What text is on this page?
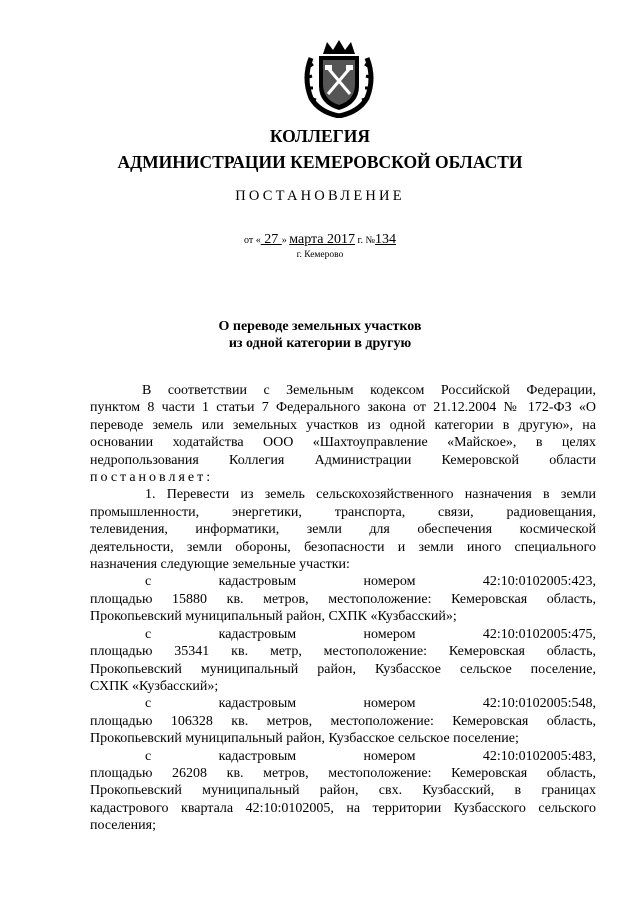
КОЛЛЕГИЯ
АДМИНИСТРАЦИИ КЕМЕРОВСКОЙ ОБЛАСТИ
ПОСТАНОВЛЕНИЕ
от « 27 » марта 2017 г. №134
г. Кемерово
О переводе земельных участков
из одной категории в другую
В соответствии с Земельным кодексом Российской Федерации,
пунктом 8 части 1 статьи 7 Федерального закона от 21.12.2004 № 172-ФЗ «О
переводе земель или земельных участков из одной категории в другую», на
основании ходатайства ООО «Шахтоуправление «Майское», в целях
недропользования Коллегия Администрации Кемеровской области
постановляет:
1. Перевести из земель сельскохозяйственного назначения в земли
промышленности, энергетики, транспорта, связи, радиовещания,
телевидения, информатики, земли для обеспечения космической
деятельности, земли обороны, безопасности и земли иного специального
назначения следующие земельные участки:
с кадастровым номером 42:10:0102005:423,
площадью 15880 кв. метров, местоположение: Кемеровская область,
Прокопьевский муниципальный район, СХПК «Кузбасский»;
с кадастровым номером 42:10:0102005:475,
площадью 35341 кв. метр, местоположение: Кемеровская область,
Прокопьевский муниципальный район, Кузбасское сельское поселение,
СХПК «Кузбасский»;
с кадастровым номером 42:10:0102005:548,
площадью 106328 кв. метров, местоположение: Кемеровская область,
Прокопьевский муниципальный район, Кузбасское сельское поселение;
с кадастровым номером 42:10:0102005:483,
площадью 26208 кв. метров, местоположение: Кемеровская область,
Прокопьевский муниципальный район, свх. Кузбасский, в границах
кадастрового квартала 42:10:0102005, на территории Кузбасского сельского
поселения;
